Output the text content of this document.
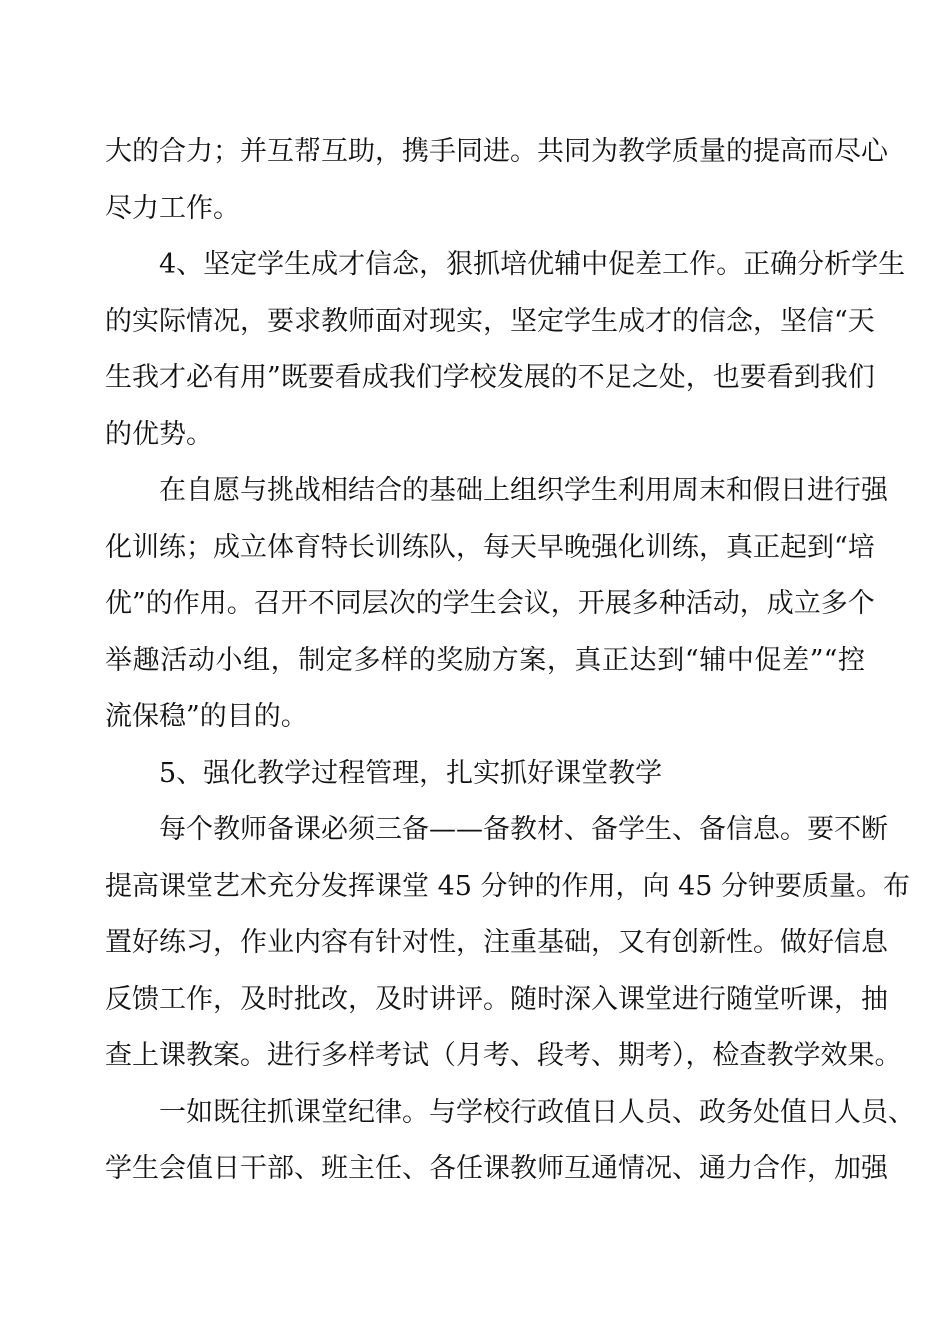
大的合力；并互帮互助，携手同进。共同为教学质量的提高而尽心
尽力工作。
4、坚定学生成才信念，狠抓培优辅中促差工作。正确分析学生
的实际情况，要求教师面对现实，坚定学生成才的信念，坚信“天
生我才必有用”既要看成我们学校发展的不足之处，也要看到我们
的优势。
在自愿与挑战相结合的基础上组织学生利用周末和假日进行强
化训练；成立体育特长训练队，每天早晚强化训练，真正起到“培
优”的作用。召开不同层次的学生会议，开展多种活动，成立多个
举趣活动小组，制定多样的奖励方案，真正达到“辅中促差”“控
流保稳”的目的。
5、强化教学过程管理，扎实抓好课堂教学
每个教师备课必须三备——备教材、备学生、备信息。要不断
提高课堂艺术充分发挥课堂 45 分钟的作用，向 45 分钟要质量。布
置好练习，作业内容有针对性，注重基础，又有创新性。做好信息
反馈工作，及时批改，及时讲评。随时深入课堂进行随堂听课，抽
查上课教案。进行多样考试（月考、段考、期考），检查教学效果。
一如既往抓课堂纪律。与学校行政值日人员、政务处值日人员、
学生会值日干部、班主任、各任课教师互通情况、通力合作，加强
